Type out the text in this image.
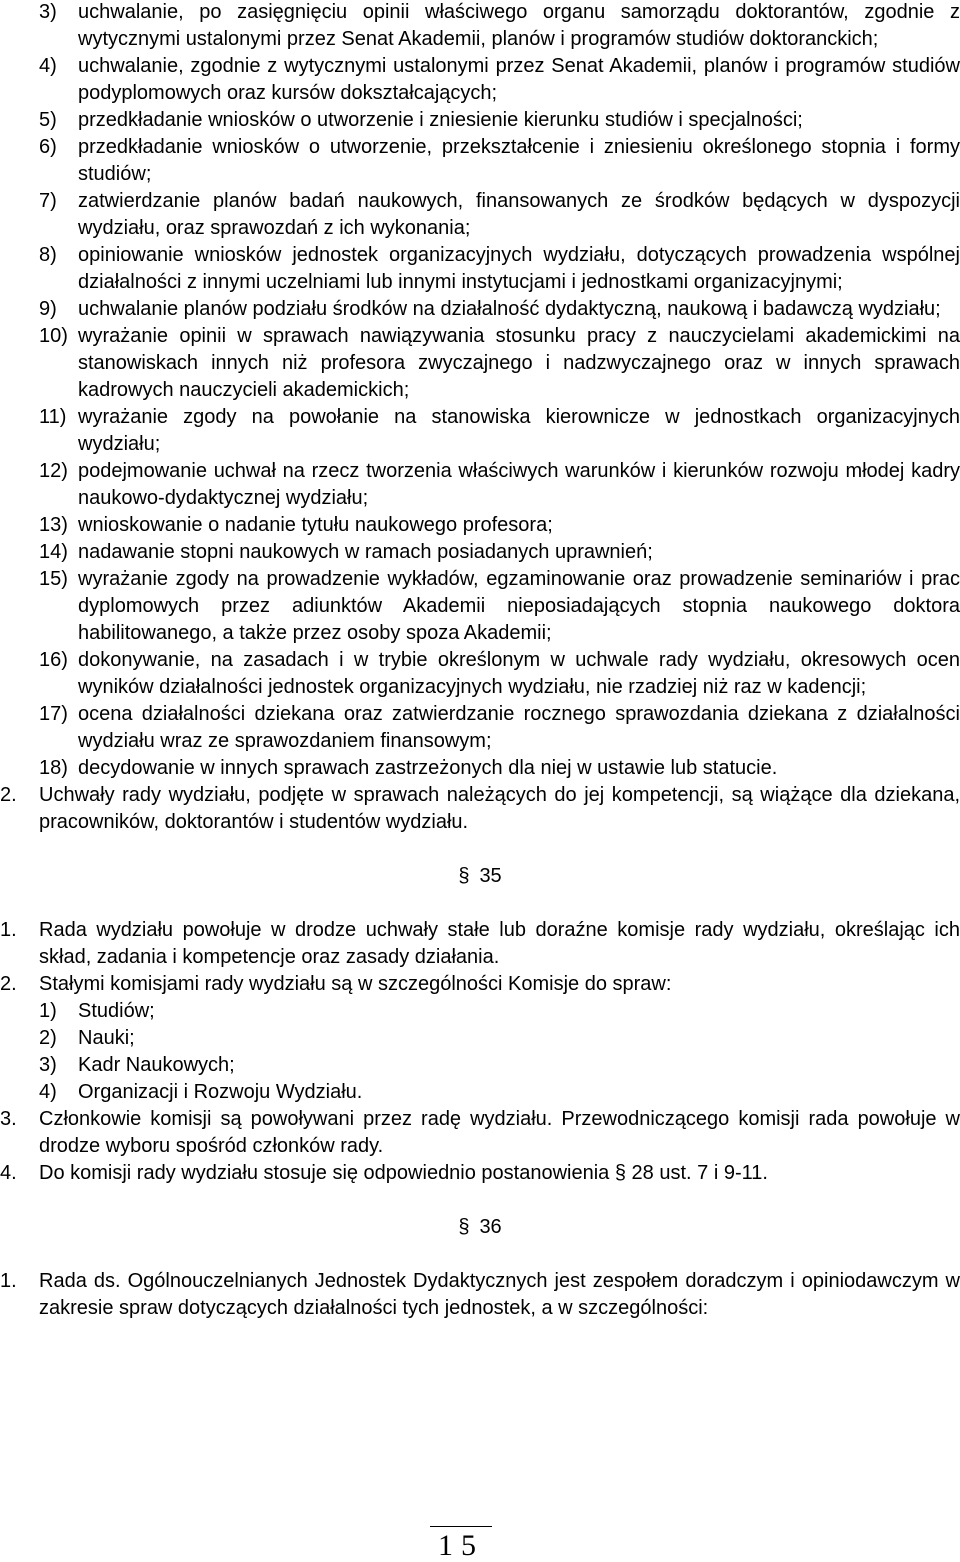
3)	uchwalanie, po zasięgnięciu opinii właściwego organu samorządu doktorantów, zgodnie z wytycznymi ustalonymi przez Senat Akademii, planów i programów studiów doktoranckich;
4)	uchwalanie, zgodnie z wytycznymi ustalonymi przez Senat Akademii, planów i programów studiów podyplomowych oraz kursów dokształcających;
5)	przedkładanie wniosków o utworzenie i zniesienie kierunku studiów i specjalności;
6)	przedkładanie wniosków o utworzenie, przekształcenie i zniesieniu określonego stopnia i formy studiów;
7)	zatwierdzanie planów badań naukowych, finansowanych ze środków będących w dyspozycji wydziału, oraz sprawozdań z ich wykonania;
8)	opiniowanie wniosków jednostek organizacyjnych wydziału, dotyczących prowadzenia wspólnej działalności z innymi uczelniami lub innymi instytucjami i jednostkami organizacyjnymi;
9)	uchwalanie planów podziału środków na działalność dydaktyczną, naukową i badawczą wydziału;
10) wyrażanie opinii w sprawach nawiązywania stosunku pracy z nauczycielami akademickimi na stanowiskach innych niż profesora zwyczajnego i nadzwyczajnego oraz w innych sprawach kadrowych nauczycieli akademickich;
11) wyrażanie zgody na powołanie na stanowiska kierownicze w jednostkach organizacyjnych wydziału;
12) podejmowanie uchwał na rzecz tworzenia właściwych warunków i kierunków rozwoju młodej kadry naukowo-dydaktycznej wydziału;
13) wnioskowanie o nadanie tytułu naukowego profesora;
14) nadawanie stopni naukowych w ramach posiadanych uprawnień;
15) wyrażanie zgody na prowadzenie wykładów, egzaminowanie oraz prowadzenie seminariów i prac dyplomowych przez adiunktów Akademii nieposiadających stopnia naukowego doktora habilitowanego, a także przez osoby spoza Akademii;
16) dokonywanie, na zasadach i w trybie określonym w uchwale rady wydziału, okresowych ocen wyników działalności jednostek organizacyjnych wydziału, nie rzadziej niż raz w kadencji;
17) ocena działalności dziekana oraz zatwierdzanie rocznego sprawozdania dziekana z działalności wydziału wraz ze sprawozdaniem finansowym;
18) decydowanie w innych sprawach zastrzeżonych dla niej w ustawie lub statucie.
2.	Uchwały rady wydziału, podjęte w sprawach należących do jej kompetencji, są wiążące dla dziekana, pracowników, doktorantów i studentów wydziału.

§ 35

1.	Rada wydziału powołuje w drodze uchwały stałe lub doraźne komisje rady wydziału, określając ich skład, zadania i kompetencje oraz zasady działania.
2.	Stałymi komisjami rady wydziału są w szczególności Komisje do spraw:
1)	Studiów;
2)	Nauki;
3)	Kadr Naukowych;
4)	Organizacji i Rozwoju Wydziału.
3.	Członkowie komisji są powoływani przez radę wydziału. Przewodniczącego komisji rada powołuje w drodze wyboru spośród członków rady.
4.	Do komisji rady wydziału stosuje się odpowiednio postanowienia § 28 ust. 7 i 9-11.

§ 36

1.	Rada ds. Ogólnouczelnianych Jednostek Dydaktycznych jest zespołem doradczym i opiniodawczym w zakresie spraw dotyczących działalności tych jednostek, a w szczególności:
15
